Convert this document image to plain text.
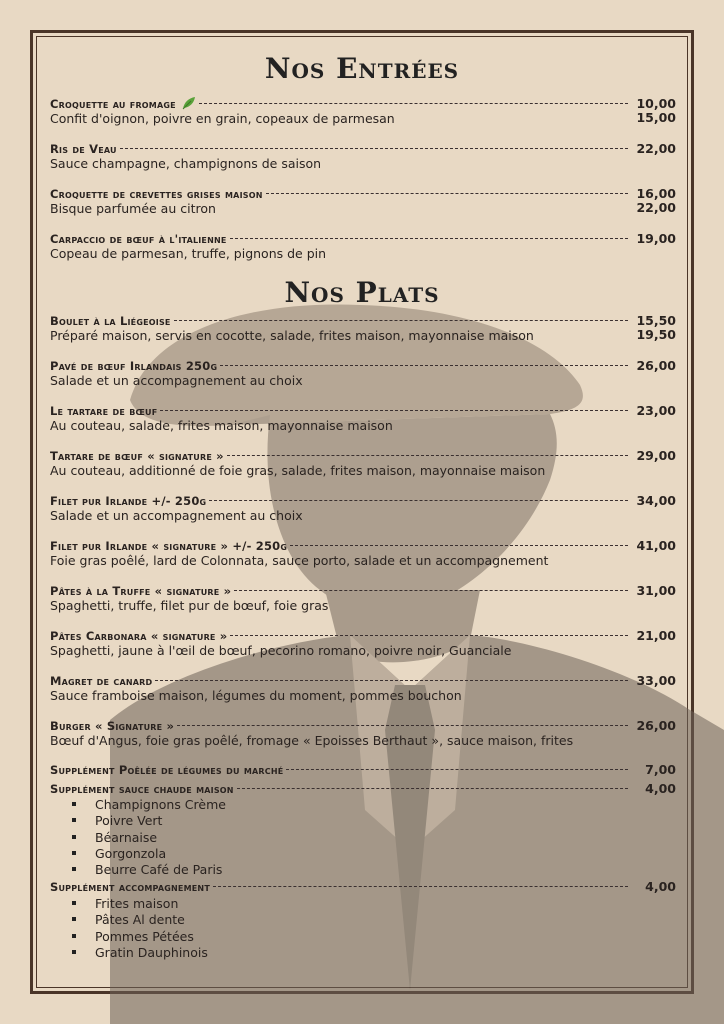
Nos Entrées
Croquette au fromage	10,00
Confit d'oignon, poivre en grain, copeaux de parmesan	15,00
Ris de Veau	22,00
Sauce champagne, champignons de saison
Croquette de crevettes grises maison	16,00
Bisque parfumée au citron	22,00
Carpaccio de bœuf à l'italienne	19,00
Copeau de parmesan, truffe, pignons de pin
Nos Plats
Boulet à la Liégeoise	15,50
Préparé maison, servis en cocotte, salade, frites maison, mayonnaise maison	19,50
Pavé de bœuf Irlandais 250g	26,00
Salade et un accompagnement au choix
Le tartare de bœuf	23,00
Au couteau, salade, frites maison, mayonnaise maison
Tartare de bœuf « signature »	29,00
Au couteau, additionné de foie gras, salade, frites maison, mayonnaise maison
Filet pur Irlande +/- 250g	34,00
Salade et un accompagnement au choix
Filet pur Irlande « signature » +/- 250g	41,00
Foie gras poêlé, lard de Colonnata, sauce porto, salade et un accompagnement
Pâtes à la Truffe « signature »	31,00
Spaghetti, truffe, filet pur de bœuf, foie gras
Pâtes Carbonara « signature »	21,00
Spaghetti, jaune à l'œil de bœuf, pecorino romano, poivre noir, Guanciale
Magret de canard	33,00
Sauce framboise maison, légumes du moment, pommes bouchon
Burger « Signature »	26,00
Bœuf d'Angus, foie gras poêlé, fromage « Epoisses Berthaut », sauce maison, frites
Supplément Poêlée de légumes du marché	7,00
Supplément sauce chaude maison	4,00
Champignons Crème
Poivre Vert
Béarnaise
Gorgonzola
Beurre Café de Paris
Supplément accompagnement	4,00
Frites maison
Pâtes Al dente
Pommes Pétées
Gratin Dauphinois
